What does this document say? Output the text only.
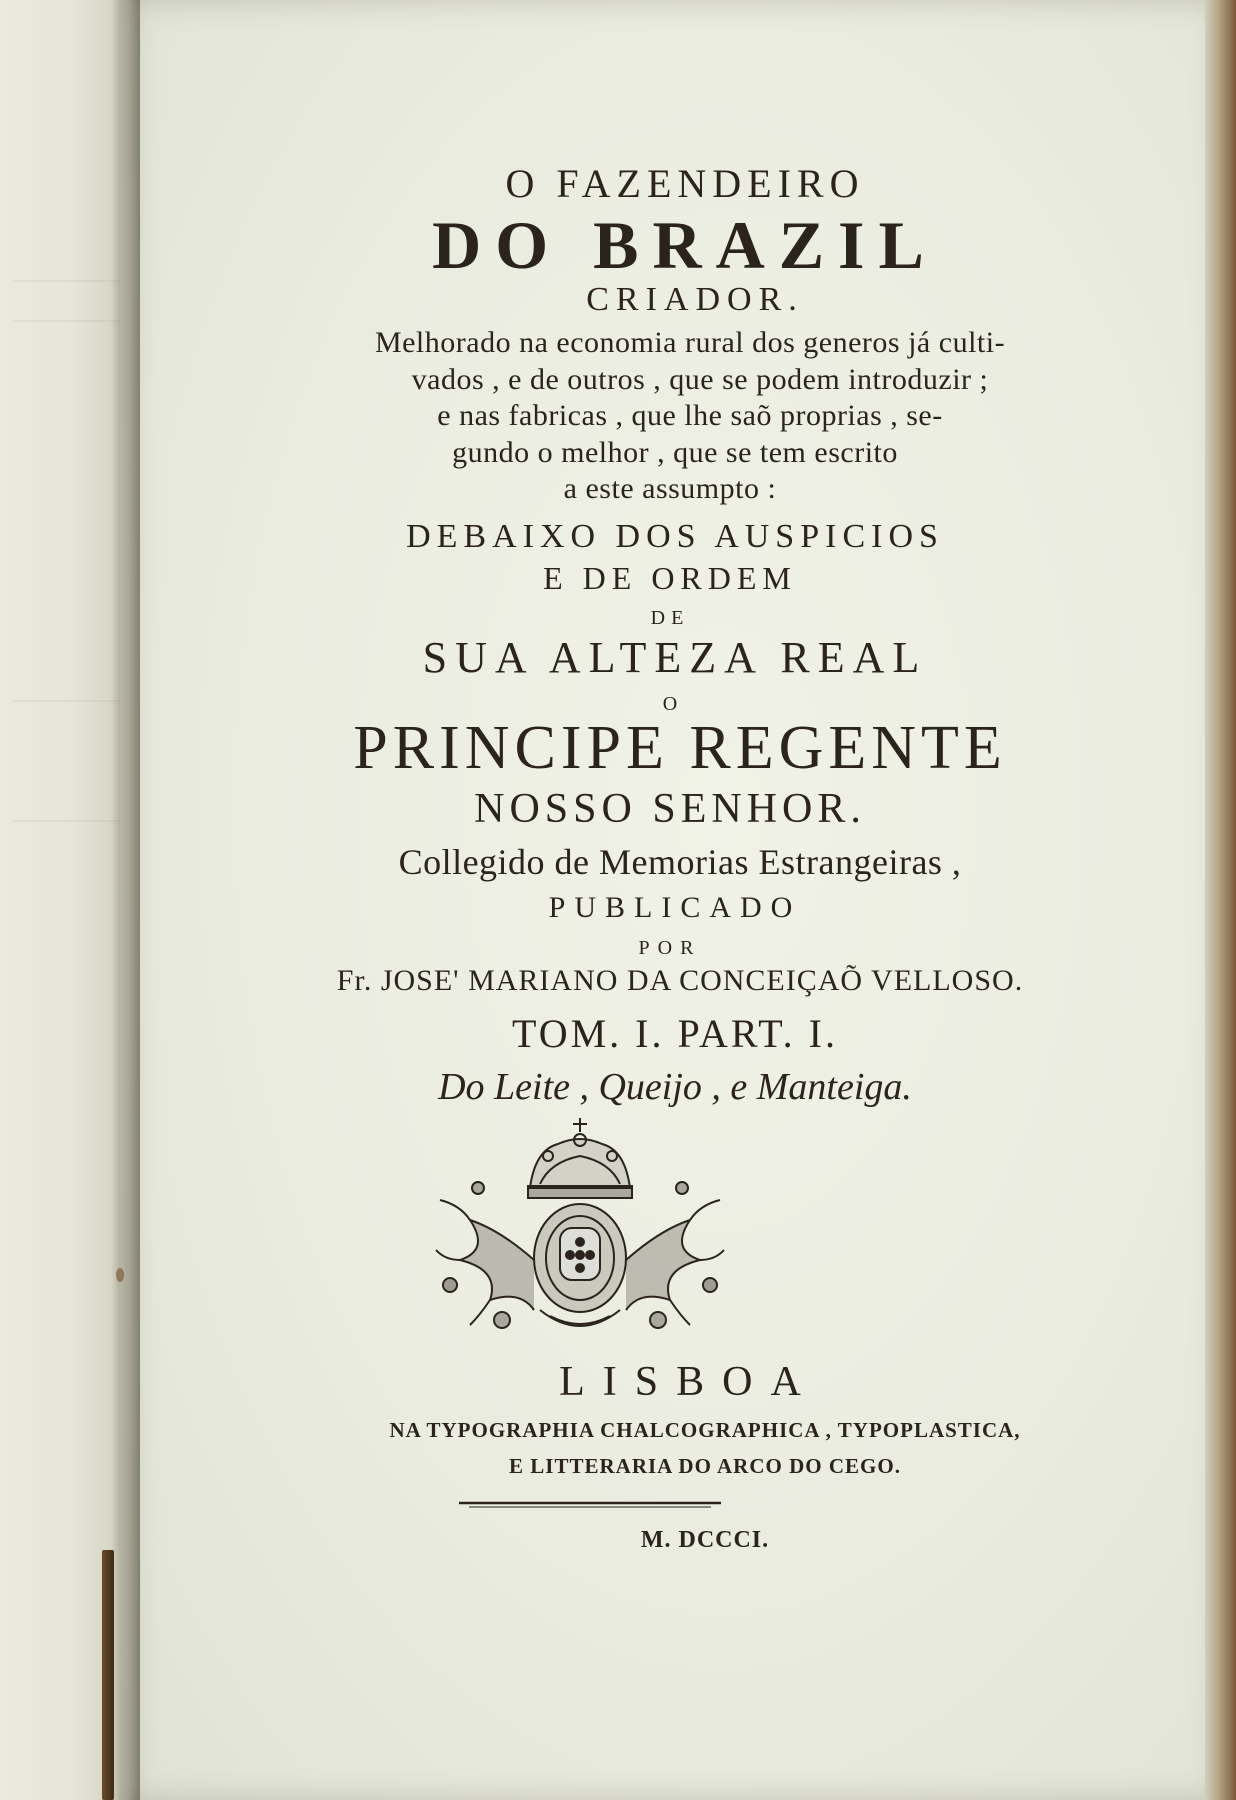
O FAZENDEIRO
DO BRAZIL
CRIADOR.
Melhorado na economia rural dos generos já culti-
vados , e de outros , que se podem introduzir ;
e nas fabricas , que lhe saõ proprias , se-
gundo o melhor , que se tem escrito
a este assumpto :
DEBAIXO DOS AUSPICIOS
E DE ORDEM
DE
SUA ALTEZA REAL
O
PRINCIPE REGENTE
NOSSO SENHOR.
Collegido de Memorias Estrangeiras ,
PUBLICADO
POR
Fr. JOSE' MARIANO DA CONCEIÇAÕ VELLOSO.
TOM. I. PART. I.
Do Leite , Queijo , e Manteiga.
LISBOA
NA TYPOGRAPHIA CHALCOGRAPHICA , TYPOPLASTICA,
E LITTERARIA DO ARCO DO CEGO.
M. DCCCI.
